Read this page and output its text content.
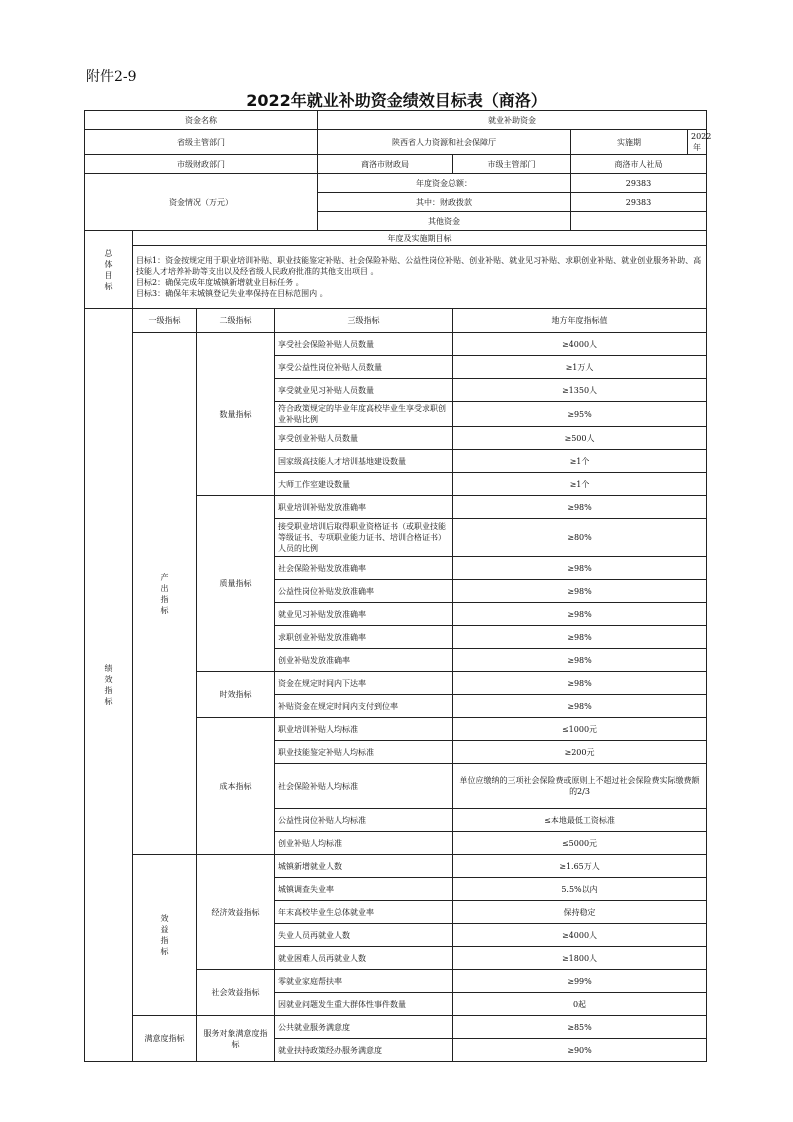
附件2-9
2022年就业补助资金绩效目标表（商洛）
资金名称				就业补助资金			
省级主管部门				陕西省人力资源和社会保障厅		实施期	2022年
市级财政部门				商洛市财政局	市级主管部门	商洛市人社局	
资金情况（万元）				年度资金总额：		29383	
				其中：财政拨款		29383	
				其他资金			
总体目标	年度及实施期目标						

	目标1：资金按规定用于职业培训补贴、职业技能鉴定补贴、社会保险补贴、公益性岗位补贴、创业补贴、就业见习补贴、求职创业补贴、就业创业服务补助、高技能人才培养补助等支出以及经省级人民政府批准的其他支出项目 。
目标2：确保完成年度城镇新增就业目标任务 。
目标3：确保年末城镇登记失业率保持在目标范围内 。						

绩效指标	一级指标	二级指标	三级指标		地方年度指标值		
	产出指标	数量指标	享受社会保险补贴人员数量		≥4000人		
			享受公益性岗位补贴人员数量		≥1万人		
			享受就业见习补贴人员数量		≥1350人		
			符合政策规定的毕业年度高校毕业生享受求职创业补贴比例		≥95%		
			享受创业补贴人员数量		≥500人		
			国家级高技能人才培训基地建设数量		≥1个		
			大师工作室建设数量		≥1个		
		质量指标	职业培训补贴发放准确率		≥98%		
			接受职业培训后取得职业资格证书（或职业技能等级证书、专项职业能力证书、培训合格证书）人员的比例		≥80%		
			社会保险补贴发放准确率		≥98%		
			公益性岗位补贴发放准确率		≥98%		
			就业见习补贴发放准确率		≥98%		
			求职创业补贴发放准确率		≥98%		
			创业补贴发放准确率		≥98%		
		时效指标	资金在规定时间内下达率		≥98%		
			补贴资金在规定时间内支付到位率		≥98%		
		成本指标	职业培训补贴人均标准		≤1000元		
			职业技能鉴定补贴人均标准		≥200元		
			社会保险补贴人均标准		单位应缴纳的三项社会保险费或原则上不超过社会保险费实际缴费额的2/3		
			公益性岗位补贴人均标准		≤本地最低工资标准		
			创业补贴人均标准		≤5000元		
	效益指标	经济效益指标	城镇新增就业人数		≥1.65万人		
			城镇调查失业率		5.5%以内		
			年末高校毕业生总体就业率		保持稳定		
			失业人员再就业人数		≥4000人		
			就业困难人员再就业人数		≥1800人		
		社会效益指标	零就业家庭帮扶率		≥99%		
			因就业问题发生重大群体性事件数量		0起		
	满意度指标	服务对象满意度指标	公共就业服务满意度		≥85%		
			就业扶持政策经办服务满意度		≥90%		
